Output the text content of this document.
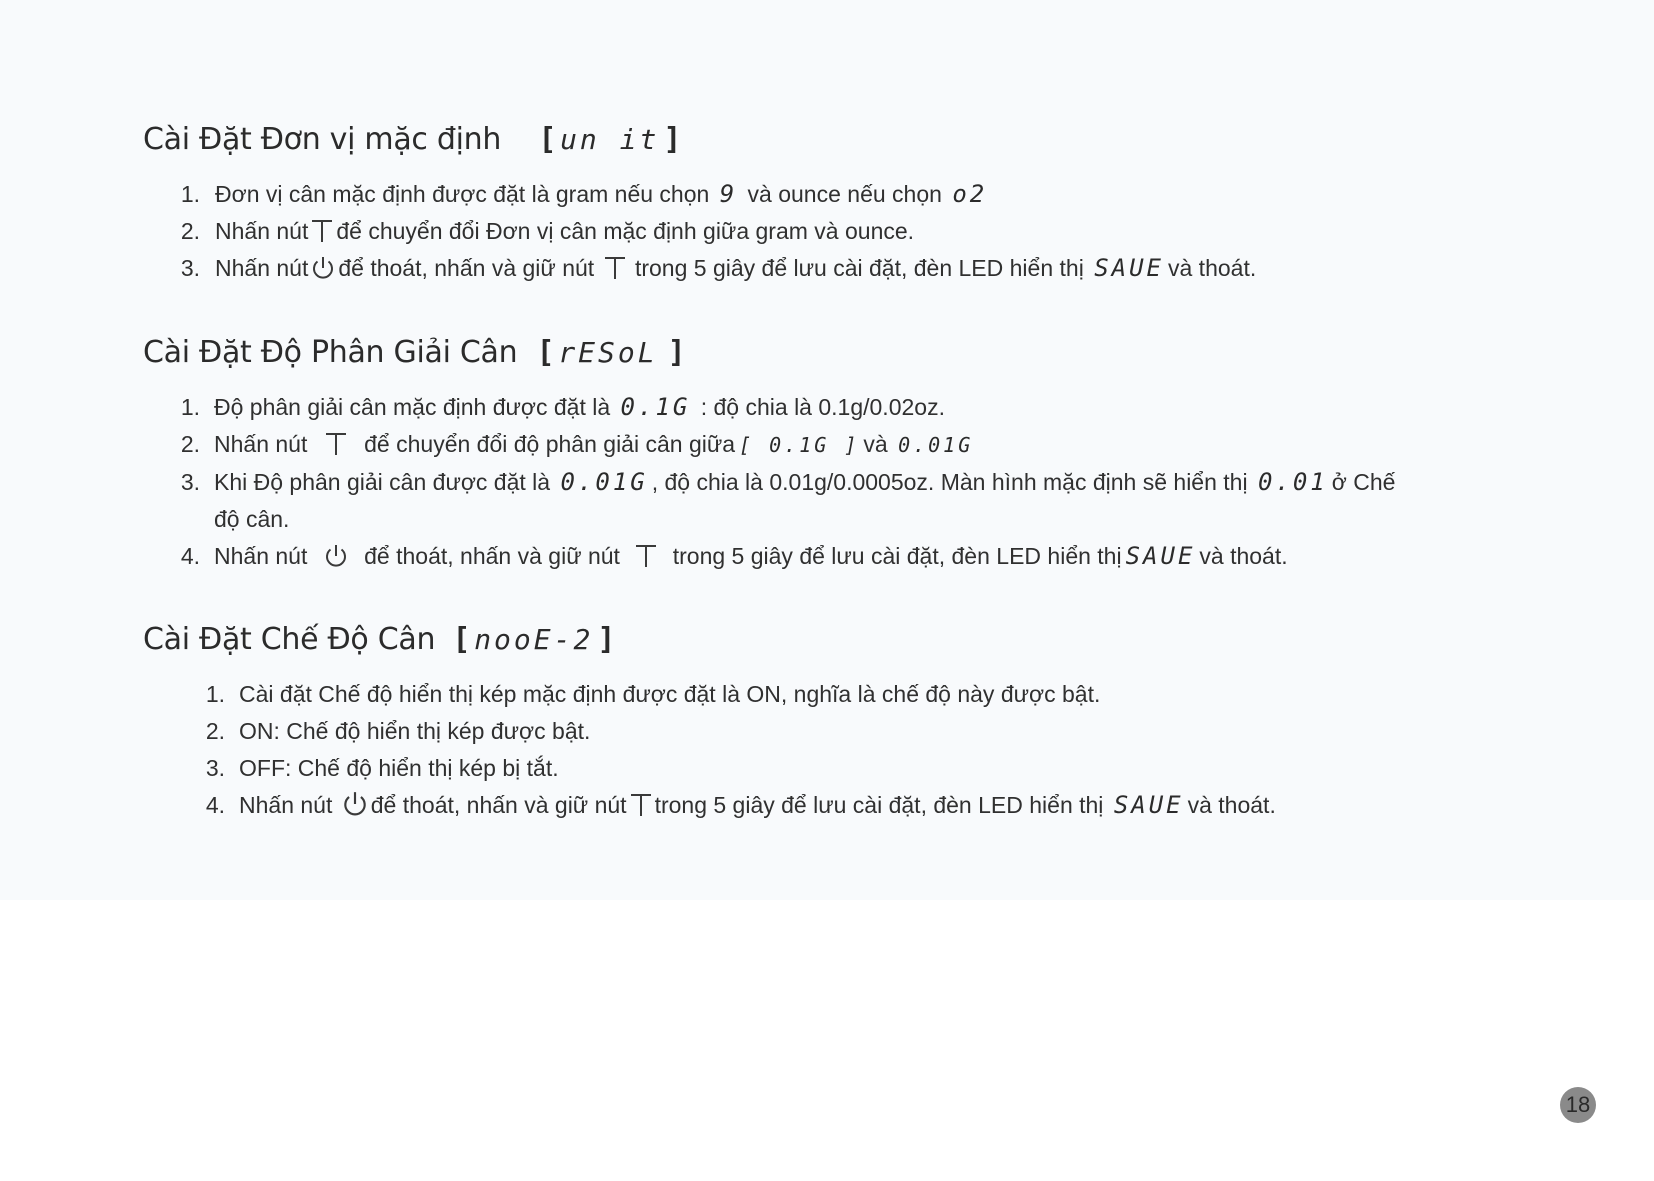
Cài Đặt Đơn vị mặc định [ un it ]
1. Đơn vị cân mặc định được đặt là gram nếu chọn 9 và ounce nếu chọn o2
2. Nhấn nút để chuyển đổi Đơn vị cân mặc định giữa gram và ounce.
3. Nhấn nút để thoát, nhấn và giữ nút trong 5 giây để lưu cài đặt, đèn LED hiển thị SAUE và thoát.
Cài Đặt Độ Phân Giải Cân [ rESoL ]
1. Độ phân giải cân mặc định được đặt là 0.1G : độ chia là 0.1g/0.02oz.
2. Nhấn nút để chuyển đổi độ phân giải cân giữa [ 0.1G ] và 0.01G
3. Khi Độ phân giải cân được đặt là 0.01G , độ chia là 0.01g/0.0005oz. Màn hình mặc định sẽ hiển thị 0.01 ở Chế
độ cân.
4. Nhấn nút để thoát, nhấn và giữ nút trong 5 giây để lưu cài đặt, đèn LED hiển thị SAUE và thoát.
Cài Đặt Chế Độ Cân [ nooE-2 ]
1. Cài đặt Chế độ hiển thị kép mặc định được đặt là ON, nghĩa là chế độ này được bật.
2. ON: Chế độ hiển thị kép được bật.
3. OFF: Chế độ hiển thị kép bị tắt.
4. Nhấn nút để thoát, nhấn và giữ nút trong 5 giây để lưu cài đặt, đèn LED hiển thị SAUE và thoát.
18
